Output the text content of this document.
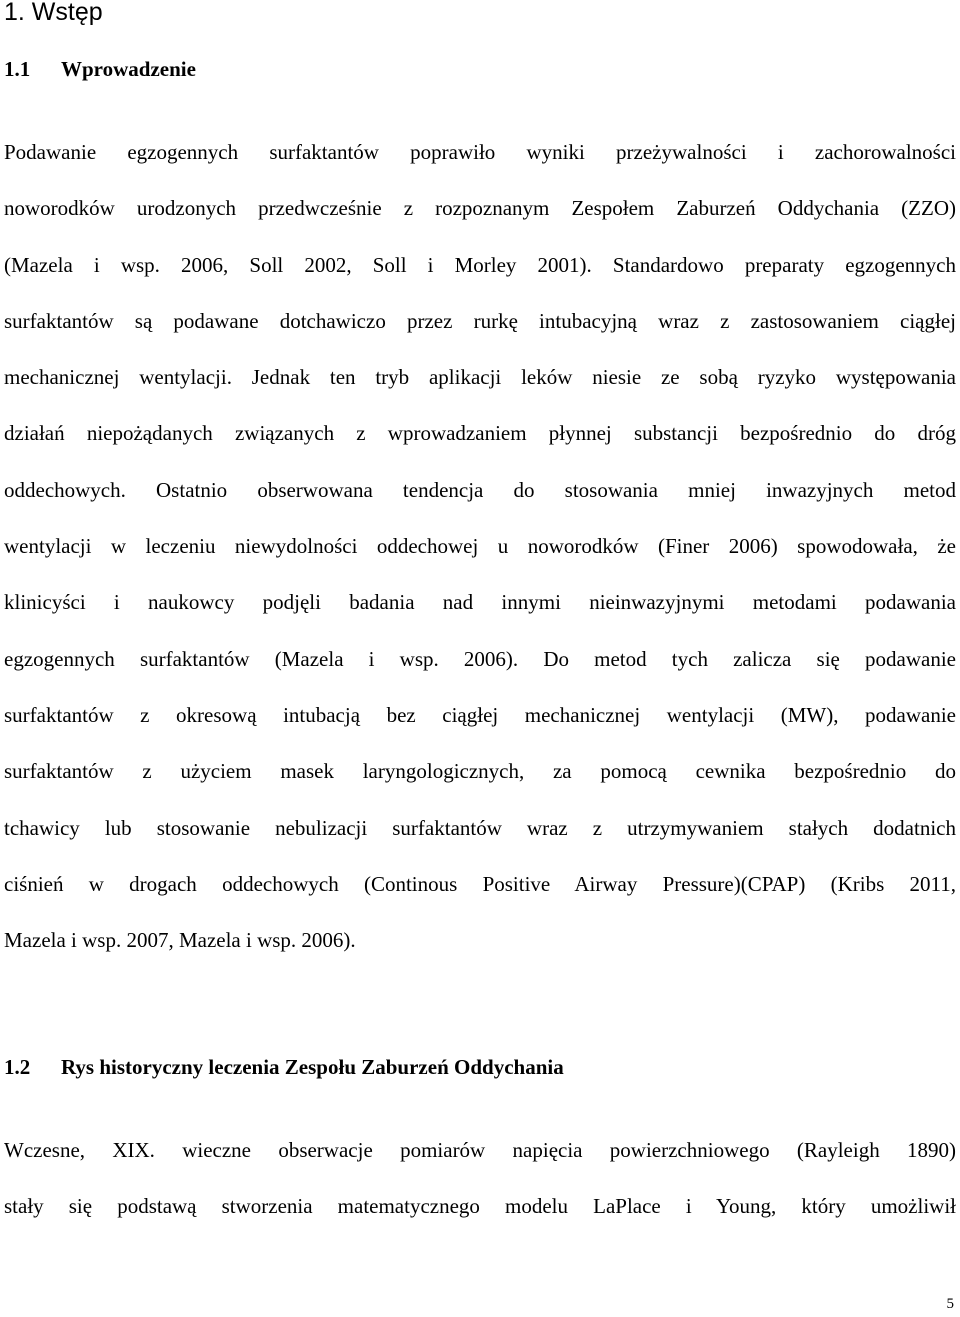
1. Wstęp
1.1 Wprowadzenie
Podawanie egzogennych surfaktantów poprawiło wyniki przeżywalności i zachorowalności
noworodków urodzonych przedwcześnie z rozpoznanym Zespołem Zaburzeń Oddychania (ZZO)
(Mazela i wsp. 2006, Soll 2002, Soll i Morley 2001). Standardowo preparaty egzogennych
surfaktantów są podawane dotchawiczo przez rurkę intubacyjną wraz z zastosowaniem ciągłej
mechanicznej wentylacji. Jednak ten tryb aplikacji leków niesie ze sobą ryzyko występowania
działań niepożądanych związanych z wprowadzaniem płynnej substancji bezpośrednio do dróg
oddechowych. Ostatnio obserwowana tendencja do stosowania mniej inwazyjnych metod
wentylacji w leczeniu niewydolności oddechowej u noworodków (Finer 2006) spowodowała, że
klinicyści i naukowcy podjęli badania nad innymi nieinwazyjnymi metodami podawania
egzogennych surfaktantów (Mazela i wsp. 2006). Do metod tych zalicza się podawanie
surfaktantów z okresową intubacją bez ciągłej mechanicznej wentylacji (MW), podawanie
surfaktantów z użyciem masek laryngologicznych, za pomocą cewnika bezpośrednio do
tchawicy lub stosowanie nebulizacji surfaktantów wraz z utrzymywaniem stałych dodatnich
ciśnień w drogach oddechowych (Continous Positive Airway Pressure)(CPAP) (Kribs 2011,
Mazela i wsp. 2007, Mazela i wsp. 2006).
1.2 Rys historyczny leczenia Zespołu Zaburzeń Oddychania
Wczesne, XIX. wieczne obserwacje pomiarów napięcia powierzchniowego (Rayleigh 1890)
stały się podstawą stworzenia matematycznego modelu LaPlace i Young, który umożliwił

5
